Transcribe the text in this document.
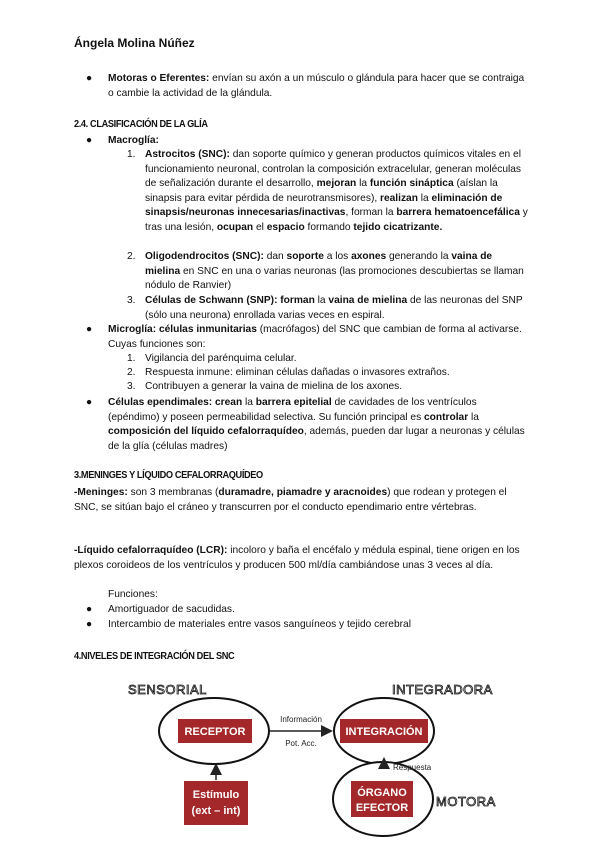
Ángela Molina Núñez
● Motoras o Eferentes: envían su axón a un músculo o glándula para hacer que se contraiga o cambie la actividad de la glándula.
2.4. CLASIFICACIÓN DE LA GLÍA
● Macroglía:
1. Astrocitos (SNC): dan soporte químico y generan productos químicos vitales en el funcionamiento neuronal, controlan la composición extracelular, generan moléculas de señalización durante el desarrollo, mejoran la función sináptica (aíslan la sinapsis para evitar pérdida de neurotransmisores), realizan la eliminación de sinapsis/neuronas innecesarias/inactivas, forman la barrera hematoencefálica y tras una lesión, ocupan el espacio formando tejido cicatrizante.
2. Oligodendrocitos (SNC): dan soporte a los axones generando la vaina de mielina en SNC en una o varias neuronas (las promociones descubiertas se llaman nódulo de Ranvier)
3. Células de Schwann (SNP): forman la vaina de mielina de las neuronas del SNP (sólo una neurona) enrollada varias veces en espiral.
● Microglía: células inmunitarias (macrófagos) del SNC que cambian de forma al activarse. Cuyas funciones son:
1. Vigilancia del parénquima celular.
2. Respuesta inmune: eliminan células dañadas o invasores extraños.
3. Contribuyen a generar la vaina de mielina de los axones.
● Células ependimales: crean la barrera epitelial de cavidades de los ventrículos (epéndimo) y poseen permeabilidad selectiva. Su función principal es controlar la composición del líquido cefalorraquídeo, además, pueden dar lugar a neuronas y células de la glía (células madres)
3.MENINGES Y LÍQUIDO CEFALORRAQUÍDEO
-Meninges: son 3 membranas (duramadre, piamadre y aracnoides) que rodean y protegen el SNC, se sitúan bajo el cráneo y transcurren por el conducto ependimario entre vértebras.
-Líquido cefalorraquídeo (LCR): incoloro y baña el encéfalo y médula espinal, tiene origen en los plexos coroideos de los ventrículos y producen 500 ml/día cambiándose unas 3 veces al día.
Funciones:
● Amortiguador de sacudidas.
● Intercambio de materiales entre vasos sanguíneos y tejido cerebral
4.NIVELES DE INTEGRACIÓN DEL SNC
SENSORIAL	INTEGRADORA
MOTORA
RECEPTOR	INTEGRACIÓN
ÓRGANO
EFECTOR
Estímulo
(ext – int)
Información
Pot. Acc.
Respuesta
